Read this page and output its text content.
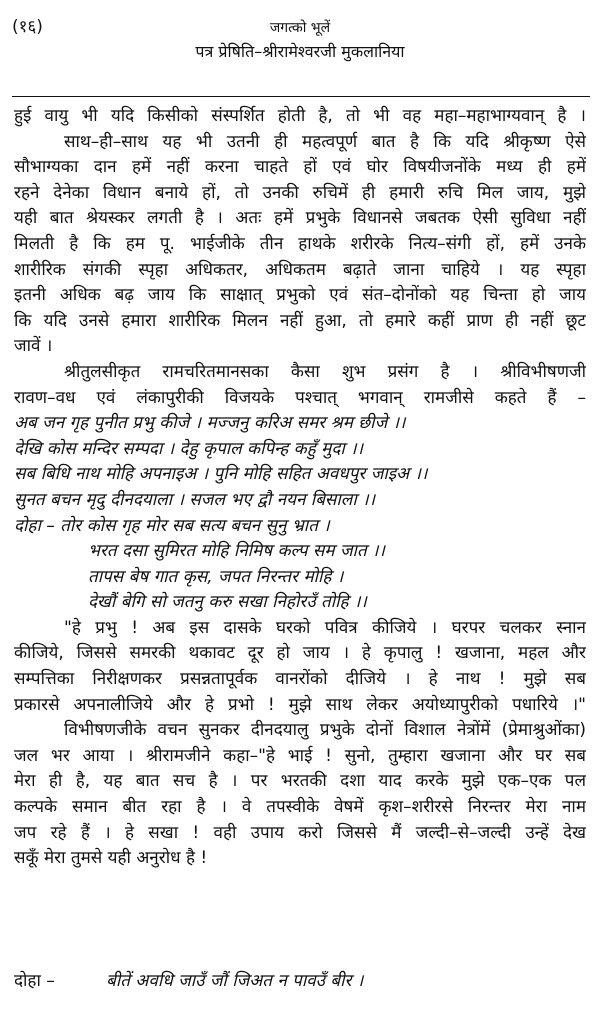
(१६)	जगत्को भूलें
पत्र प्रेषिति–श्रीरामेश्वरजी मुकलानिया
हुई वायु भी यदि किसीको संस्पर्शित होती है, तो भी वह महा–महाभाग्यवान् है ।
साथ–ही–साथ यह भी उतनी ही महत्वपूर्ण बात है कि यदि श्रीकृष्ण ऐसे
सौभाग्यका दान हमें नहीं करना चाहते हों एवं घोर विषयीजनोंके मध्य ही हमें
रहने देनेका विधान बनाये हों, तो उनकी रुचिमें ही हमारी रुचि मिल जाय, मुझे
यही बात श्रेयस्कर लगती है । अतः हमें प्रभुके विधानसे जबतक ऐसी सुविधा नहीं
मिलती है कि हम पू. भाईजीके तीन हाथके शरीरके नित्य–संगी हों, हमें उनके
शारीरिक संगकी स्पृहा अधिकतर, अधिकतम बढ़ाते जाना चाहिये । यह स्पृहा
इतनी अधिक बढ़ जाय कि साक्षात् प्रभुको एवं संत–दोनोंको यह चिन्ता हो जाय
कि यदि उनसे हमारा शारीरिक मिलन नहीं हुआ, तो हमारे कहीं प्राण ही नहीं छूट
जावें ।
श्रीतुलसीकृत रामचरितमानसका कैसा शुभ प्रसंग है । श्रीविभीषणजी
रावण–वध एवं लंकापुरीकी विजयके पश्चात् भगवान् रामजीसे कहते हैं –
अब जन गृह पुनीत प्रभु कीजे । मज्जनु करिअ समर श्रम छीजे ।।
देखि कोस मन्दिर सम्पदा । देहु कृपाल कपिन्ह कहुँ मुदा ।।
सब बिधि नाथ मोहि अपनाइअ । पुनि मोहि सहित अवधपुर जाइअ ।।
सुनत बचन मृदु दीनदयाला । सजल भए द्वौ नयन बिसाला ।।
दोहा – तोर कोस गृह मोर सब सत्य बचन सुनु भ्रात ।
भरत दसा सुमिरत मोहि निमिष कल्प सम जात ।।
तापस बेष गात कृस, जपत निरन्तर मोहि ।
देखौं बेगि सो जतनु करु सखा निहोरउँ तोहि ।।
"हे प्रभु ! अब इस दासके घरको पवित्र कीजिये । घरपर चलकर स्नान
कीजिये, जिससे समरकी थकावट दूर हो जाय । हे कृपालु ! खजाना, महल और
सम्पत्तिका निरीक्षणकर प्रसन्नतापूर्वक वानरोंको दीजिये । हे नाथ ! मुझे सब
प्रकारसे अपनालीजिये और हे प्रभो ! मुझे साथ लेकर अयोध्यापुरीको पधारिये ।"
विभीषणजीके वचन सुनकर दीनदयालु प्रभुके दोनों विशाल नेत्रोंमें (प्रेमाश्रुओंका)
जल भर आया । श्रीरामजीने कहा–"हे भाई ! सुनो, तुम्हारा खजाना और घर सब
मेरा ही है, यह बात सच है । पर भरतकी दशा याद करके मुझे एक–एक पल
कल्पके समान बीत रहा है । वे तपस्वीके वेषमें कृश–शरीरसे निरन्तर मेरा नाम
जप रहे हैं । हे सखा ! वही उपाय करो जिससे मैं जल्दी–से–जल्दी उन्हें देख
सकूँ मेरा तुमसे यही अनुरोध है !
दोहा –	बीतें अवधि जाउँ जौं जिअत न पावउँ बीर ।
